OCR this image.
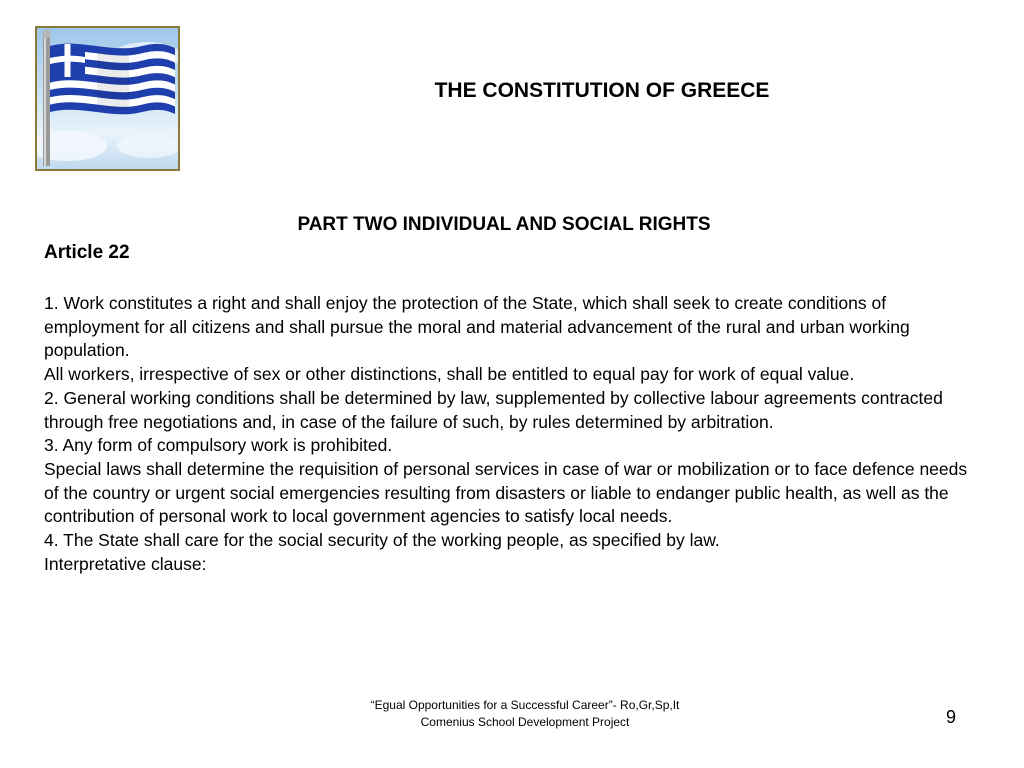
THE CONSTITUTION OF GREECE
PART TWO INDIVIDUAL AND SOCIAL RIGHTS
Article 22

1. Work constitutes a right and shall enjoy the protection of the State, which shall seek to create conditions of employment for all citizens and shall pursue the moral and material advancement of the rural and urban working population.

All workers, irrespective of sex or other distinctions, shall be entitled to equal pay for work of equal value.

2. General working conditions shall be determined by law, supplemented by collective labour agreements contracted through free negotiations and, in case of the failure of such, by rules determined by arbitration.

3. Any form of compulsory work is prohibited.

Special laws shall determine the requisition of personal services in case of war or mobilization or to face defence needs of the country or urgent social emergencies resulting from disasters or liable to endanger public health, as well as the contribution of personal work to local government agencies to satisfy local needs.

4. The State shall care for the social security of the working people, as specified by law.

Interpretative clause:

“Egual Opportunities for a Successful Career”- Ro,Gr,Sp,It
Comenius School Development Project	9
